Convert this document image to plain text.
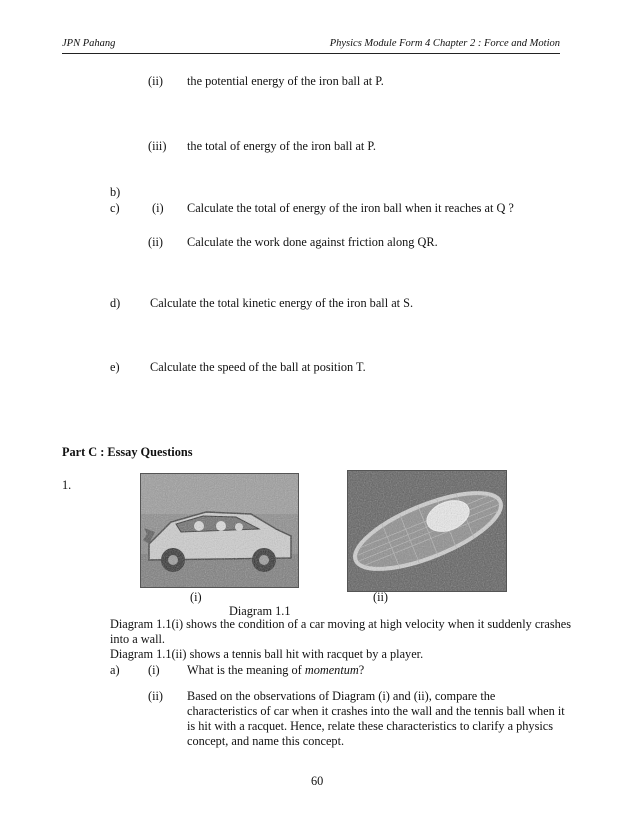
JPN Pahang	Physics Module Form 4 Chapter 2 : Force and Motion
(ii) the potential energy of the iron ball at P.
(iii) the total of energy of the iron ball at P.
b)
c)	(i) Calculate the total of energy of the iron ball when it reaches at Q ?
(ii) Calculate the work done against friction along QR.
d) Calculate the total kinetic energy of the iron ball at S.
e) Calculate the speed of the ball at position T.
Part C : Essay Questions
1.
(i)	(ii)
Diagram 1.1
Diagram 1.1(i) shows the condition of a car moving at high velocity when it suddenly crashes into a wall.
Diagram 1.1(ii) shows a tennis ball hit with racquet by a player.
a) (i) What is the meaning of momentum?
(ii) Based on the observations of Diagram (i) and (ii), compare the characteristics of car when it crashes into the wall and the tennis ball when it is hit with a racquet. Hence, relate these characteristics to clarify a physics concept, and name this concept.
60
